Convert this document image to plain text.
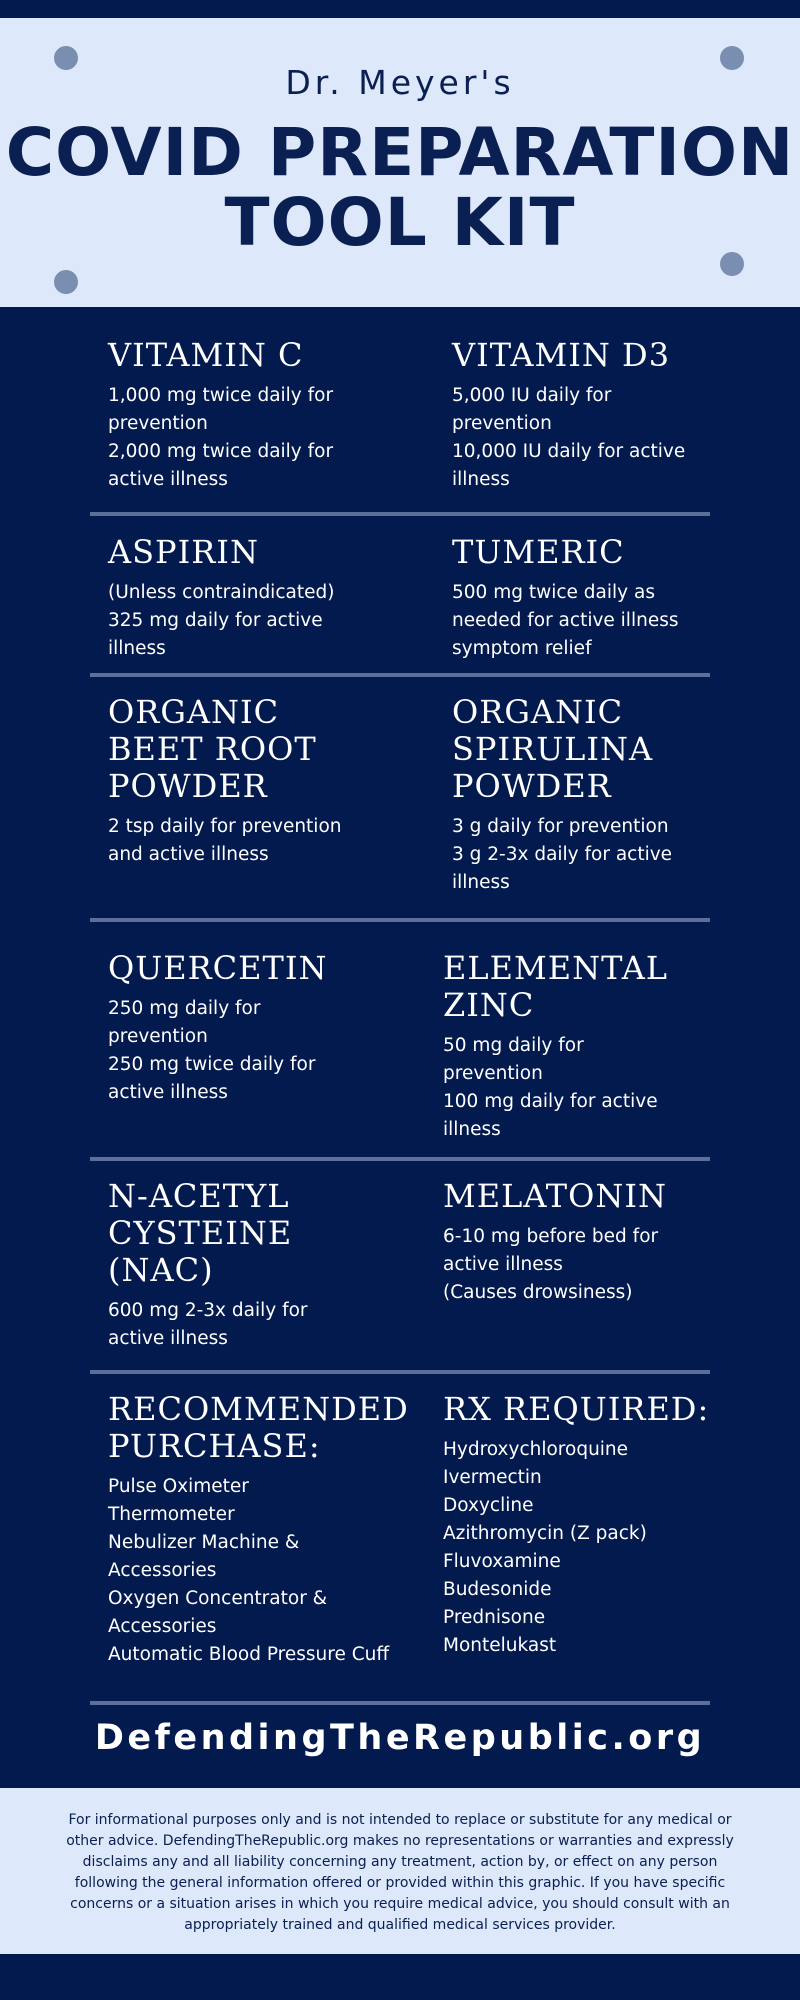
Dr. Meyer's
COVID PREPARATION
TOOL KIT
VITAMIN C
1,000 mg twice daily for
prevention
2,000 mg twice daily for
active illness
VITAMIN D3
5,000 IU daily for
prevention
10,000 IU daily for active
illness
ASPIRIN
(Unless contraindicated)
325 mg daily for active
illness
TUMERIC
500 mg twice daily as
needed for active illness
symptom relief
ORGANIC
BEET ROOT
POWDER
2 tsp daily for prevention
and active illness
ORGANIC
SPIRULINA
POWDER
3 g daily for prevention
3 g 2-3x daily for active
illness
QUERCETIN
250 mg daily for
prevention
250 mg twice daily for
active illness
ELEMENTAL
ZINC
50 mg daily for
prevention
100 mg daily for active
illness
N-ACETYL
CYSTEINE
(NAC)
600 mg 2-3x daily for
active illness
MELATONIN
6-10 mg before bed for
active illness
(Causes drowsiness)
RECOMMENDED
PURCHASE:
Pulse Oximeter
Thermometer
Nebulizer Machine &
Accessories
Oxygen Concentrator &
Accessories
Automatic Blood Pressure Cuff
RX REQUIRED:
Hydroxychloroquine
Ivermectin
Doxycline
Azithromycin (Z pack)
Fluvoxamine
Budesonide
Prednisone
Montelukast
DefendingTheRepublic.org

For informational purposes only and is not intended to replace or substitute for any medical or other advice. DefendingTheRepublic.org makes no representations or warranties and expressly disclaims any and all liability concerning any treatment, action by, or effect on any person following the general information offered or provided within this graphic. If you have specific concerns or a situation arises in which you require medical advice, you should consult with an appropriately trained and qualified medical services provider.
